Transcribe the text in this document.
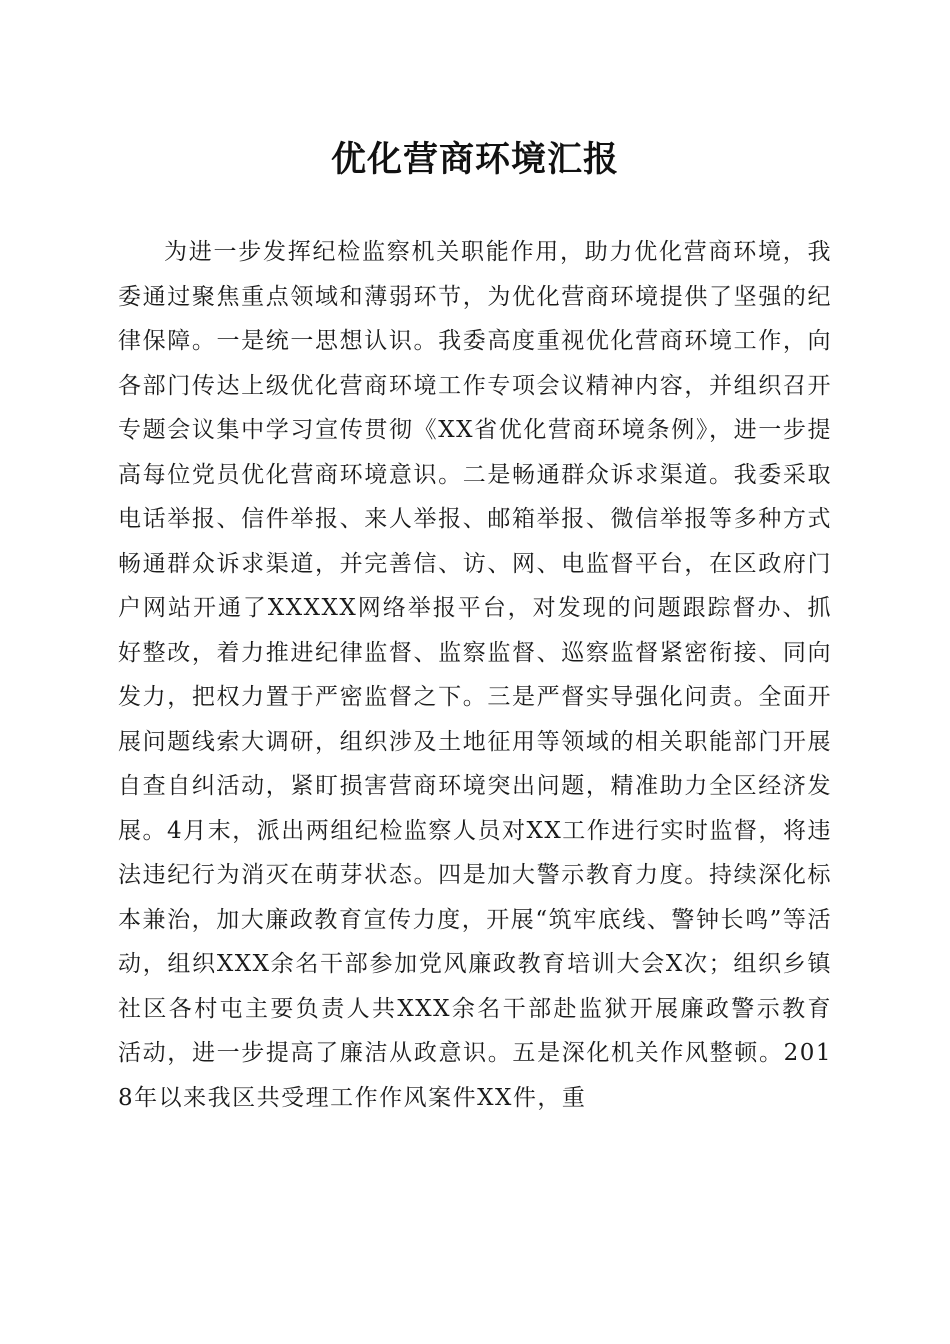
优化营商环境汇报

为进一步发挥纪检监察机关职能作用，助力优化营商环境，我委通过聚焦重点领域和薄弱环节，为优化营商环境提供了坚强的纪律保障。一是统一思想认识。我委高度重视优化营商环境工作，向各部门传达上级优化营商环境工作专项会议精神内容，并组织召开专题会议集中学习宣传贯彻《XX省优化营商环境条例》，进一步提高每位党员优化营商环境意识。二是畅通群众诉求渠道。我委采取电话举报、信件举报、来人举报、邮箱举报、微信举报等多种方式畅通群众诉求渠道，并完善信、访、网、电监督平台，在区政府门户网站开通了XXXXX网络举报平台，对发现的问题跟踪督办、抓好整改，着力推进纪律监督、监察监督、巡察监督紧密衔接、同向发力，把权力置于严密监督之下。三是严督实导强化问责。全面开展问题线索大调研，组织涉及土地征用等领域的相关职能部门开展自查自纠活动，紧盯损害营商环境突出问题，精准助力全区经济发展。4月末，派出两组纪检监察人员对XX工作进行实时监督，将违法违纪行为消灭在萌芽状态。四是加大警示教育力度。持续深化标本兼治，加大廉政教育宣传力度，开展“筑牢底线、警钟长鸣”等活动，组织XXX余名干部参加党风廉政教育培训大会X次；组织乡镇社区各村屯主要负责人共XXX余名干部赴监狱开展廉政警示教育活动，进一步提高了廉洁从政意识。五是深化机关作风整顿。2018年以来我区共受理工作作风案件XX件，重
